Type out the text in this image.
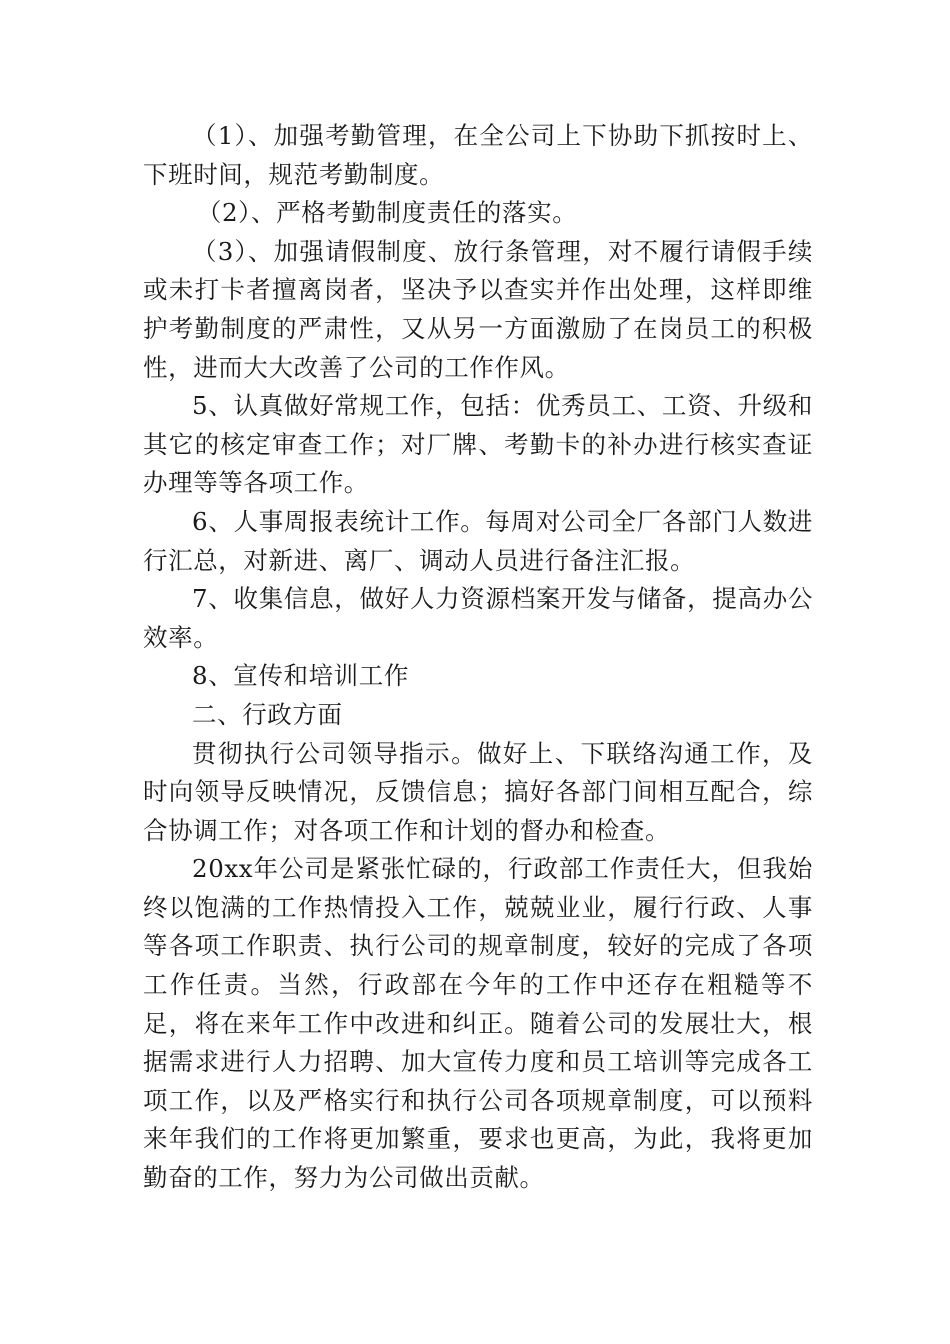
（1）、加强考勤管理，在全公司上下协助下抓按时上、下班时间，规范考勤制度。

（2）、严格考勤制度责任的落实。

（3）、加强请假制度、放行条管理，对不履行请假手续或未打卡者擅离岗者，坚决予以查实并作出处理，这样即维护考勤制度的严肃性，又从另一方面激励了在岗员工的积极性，进而大大改善了公司的工作作风。

5、认真做好常规工作，包括：优秀员工、工资、升级和其它的核定审查工作；对厂牌、考勤卡的补办进行核实查证办理等等各项工作。

6、人事周报表统计工作。每周对公司全厂各部门人数进行汇总，对新进、离厂、调动人员进行备注汇报。

7、收集信息，做好人力资源档案开发与储备，提高办公效率。

8、宣传和培训工作

二、行政方面

贯彻执行公司领导指示。做好上、下联络沟通工作，及时向领导反映情况，反馈信息；搞好各部门间相互配合，综合协调工作；对各项工作和计划的督办和检查。

20xx年公司是紧张忙碌的，行政部工作责任大，但我始终以饱满的工作热情投入工作，兢兢业业，履行行政、人事等各项工作职责、执行公司的规章制度，较好的完成了各项工作任责。当然，行政部在今年的工作中还存在粗糙等不足，将在来年工作中改进和纠正。随着公司的发展壮大，根据需求进行人力招聘、加大宣传力度和员工培训等完成各工项工作，以及严格实行和执行公司各项规章制度，可以预料来年我们的工作将更加繁重，要求也更高，为此，我将更加勤奋的工作，努力为公司做出贡献。
